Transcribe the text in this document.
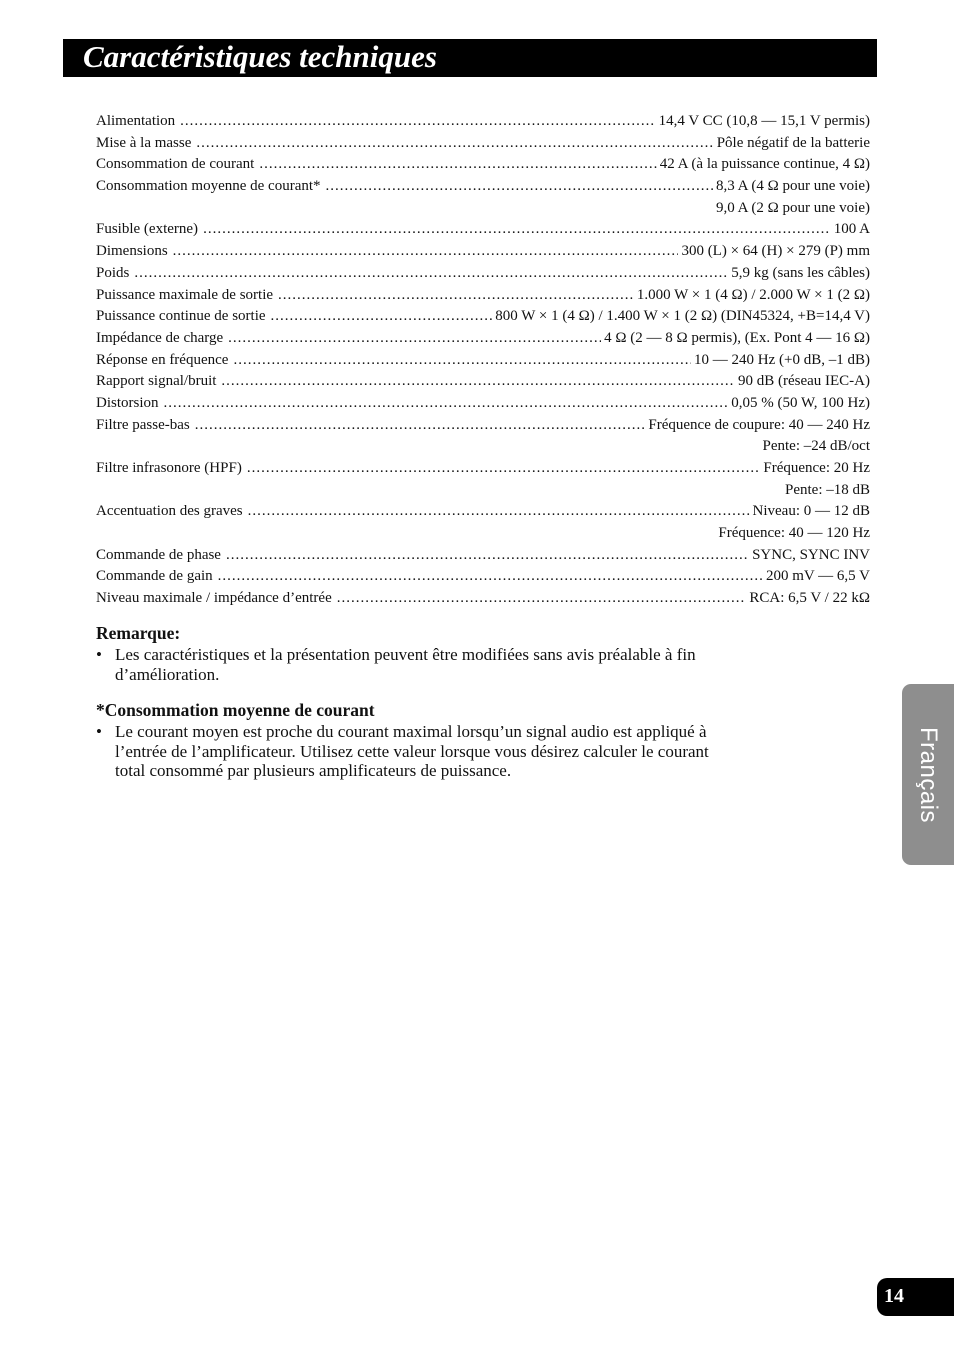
Caractéristiques techniques
Alimentation .....	14,4 V CC (10,8 — 15,1 V permis)
Mise à la masse .....	Pôle négatif de la batterie
Consommation de courant .....	42 A (à la puissance continue, 4 Ω)
Consommation moyenne de courant* .....	8,3 A (4 Ω pour une voie)
9,0 A (2 Ω pour une voie)
Fusible (externe) .....	100 A
Dimensions .....	300 (L) × 64 (H) × 279 (P) mm
Poids .....	5,9 kg (sans les câbles)
Puissance maximale de sortie .....	1.000 W × 1 (4 Ω) / 2.000 W × 1 (2 Ω)
Puissance continue de sortie .....	800 W × 1 (4 Ω) / 1.400 W × 1 (2 Ω) (DIN45324, +B=14,4 V)
Impédance de charge .....	4 Ω (2 — 8 Ω permis), (Ex. Pont 4 — 16 Ω)
Réponse en fréquence .....	10 — 240 Hz (+0 dB, –1 dB)
Rapport signal/bruit .....	90 dB (réseau IEC-A)
Distorsion .....	0,05 % (50 W, 100 Hz)
Filtre passe-bas .....	Fréquence de coupure: 40 — 240 Hz
Pente: –24 dB/oct
Filtre infrasonore (HPF) .....	Fréquence: 20 Hz
Pente: –18 dB
Accentuation des graves .....	Niveau: 0 — 12 dB
Fréquence: 40 — 120 Hz
Commande de phase .....	SYNC, SYNC INV
Commande de gain .....	200 mV — 6,5 V
Niveau maximale / impédance d’entrée .....	RCA: 6,5 V / 22 kΩ
Remarque:
• Les caractéristiques et la présentation peuvent être modifiées sans avis préalable à fin d’amélioration.
*Consommation moyenne de courant
• Le courant moyen est proche du courant maximal lorsqu’un signal audio est appliqué à l’entrée de l’amplificateur. Utilisez cette valeur lorsque vous désirez calculer le courant total consommé par plusieurs amplificateurs de puissance.	Français
14
